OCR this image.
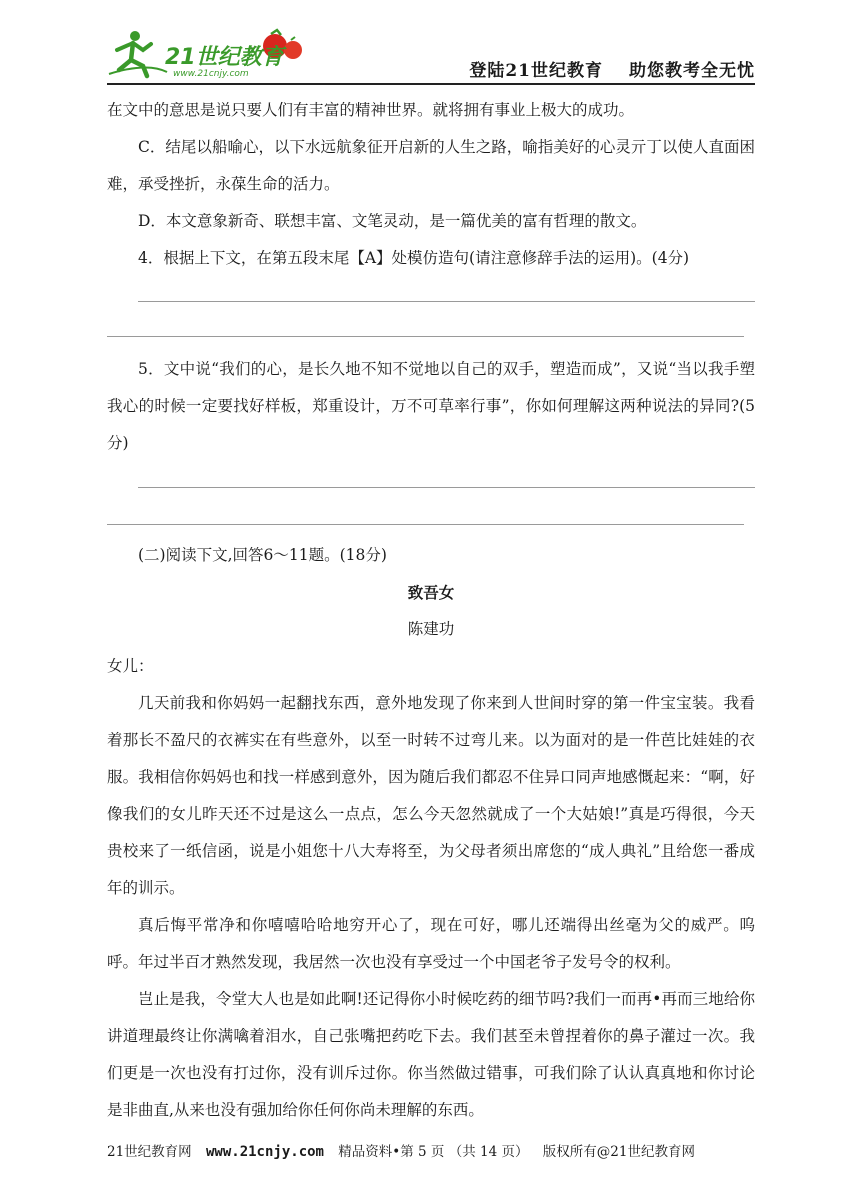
21世纪教育
www.21cnjy.com	登陆21世纪教育 助您教考全无忧

在文中的意思是说只要人们有丰富的精神世界。就将拥有事业上极大的成功。

C．结尾以船喻心，以下水远航象征开启新的人生之路，喻指美好的心灵亓丁以使人直面困难，承受挫折，永葆生命的活力。

D．本文意象新奇、联想丰富、文笔灵动，是一篇优美的富有哲理的散文。

4．根据上下文，在第五段末尾【A】处模仿造句(请注意修辞手法的运用)。(4分)

5．文中说“我们的心，是长久地不知不觉地以自己的双手，塑造而成”，又说“当以我手塑我心的时候一定要找好样板，郑重设计，万不可草率行事”，你如何理解这两种说法的异同?(5分)

(二)阅读下文,回答6～11题。(18分)

致吾女

陈建功

女儿：

几天前我和你妈妈一起翻找东西，意外地发现了你来到人世间时穿的第一件宝宝装。我看着那长不盈尺的衣裤实在有些意外，以至一时转不过弯儿来。以为面对的是一件芭比娃娃的衣服。我相信你妈妈也和找一样感到意外，因为随后我们都忍不住异口同声地感慨起来：“啊，好像我们的女儿昨天还不过是这么一点点，怎么今天忽然就成了一个大姑娘!”真是巧得很，今天贵校来了一纸信函，说是小姐您十八大寿将至，为父母者须出席您的“成人典礼”且给您一番成年的训示。

真后悔平常净和你嘻嘻哈哈地穷开心了，现在可好，哪儿还端得出丝毫为父的威严。呜呼。年过半百才熟然发现，我居然一次也没有享受过一个中国老爷子发号令的权利。

岂止是我，令堂大人也是如此啊!还记得你小时候吃药的细节吗?我们一而再•再而三地给你讲道理最终让你满噙着泪水，自己张嘴把药吃下去。我们甚至未曾捏着你的鼻子灌过一次。我们更是一次也没有打过你，没有训斥过你。你当然做过错事，可我们除了认认真真地和你讨论是非曲直,从来也没有强加给你任何你尚未理解的东西。

21世纪教育网 www.21cnjy.com 精品资料•第 5 页 （共 14 页） 版权所有@21世纪教育网
